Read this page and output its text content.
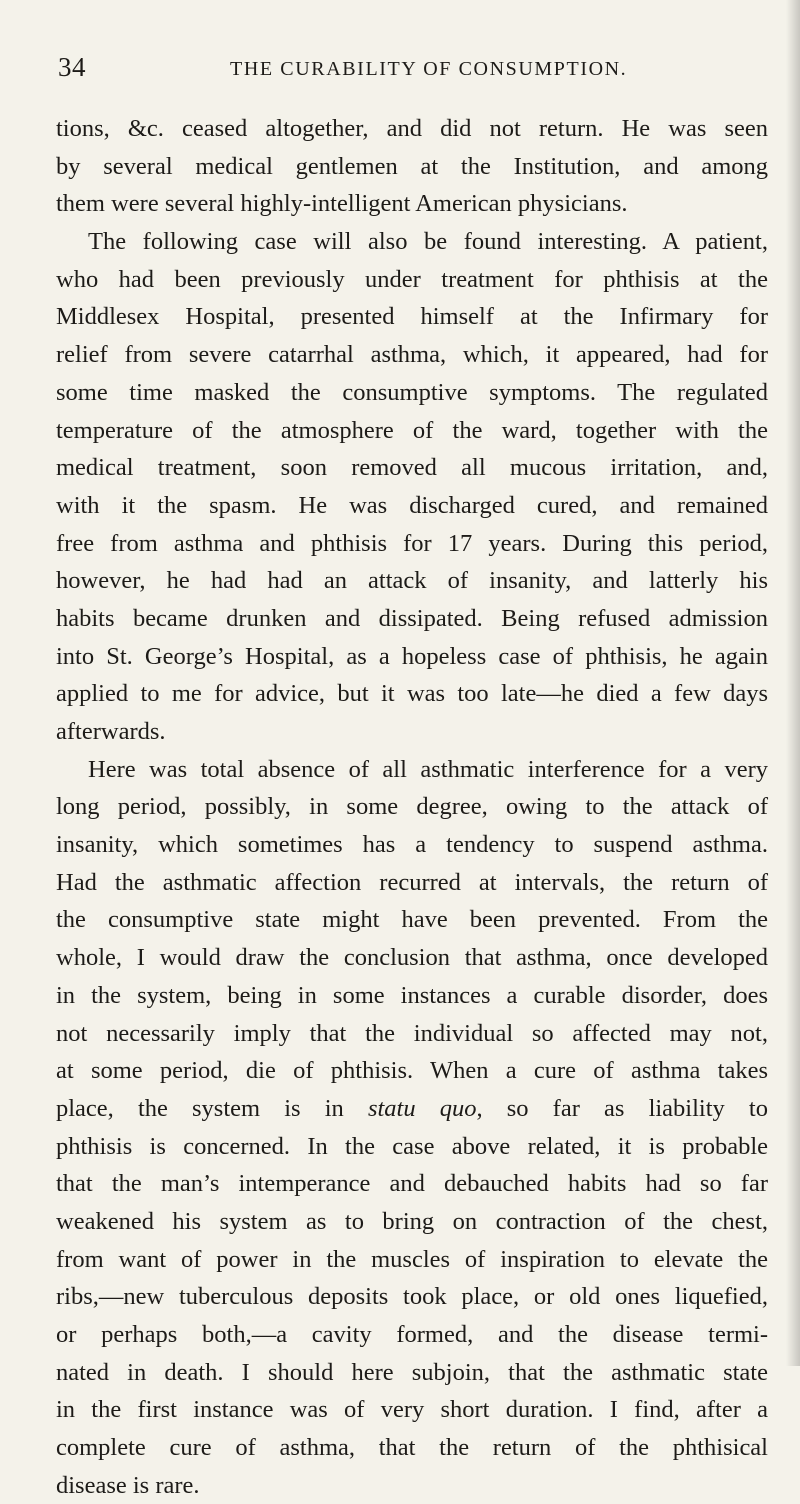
34	THE CURABILITY OF CONSUMPTION.
tions, &c. ceased altogether, and did not return. He was seen
by several medical gentlemen at the Institution, and among
them were several highly-intelligent American physicians.
The following case will also be found interesting. A patient,
who had been previously under treatment for phthisis at the
Middlesex Hospital, presented himself at the Infirmary for
relief from severe catarrhal asthma, which, it appeared, had for
some time masked the consumptive symptoms. The regulated
temperature of the atmosphere of the ward, together with the
medical treatment, soon removed all mucous irritation, and,
with it the spasm. He was discharged cured, and remained
free from asthma and phthisis for 17 years. During this period,
however, he had had an attack of insanity, and latterly his
habits became drunken and dissipated. Being refused admission
into St. George’s Hospital, as a hopeless case of phthisis, he again
applied to me for advice, but it was too late—he died a few days
afterwards.
Here was total absence of all asthmatic interference for a very
long period, possibly, in some degree, owing to the attack of
insanity, which sometimes has a tendency to suspend asthma.
Had the asthmatic affection recurred at intervals, the return of
the consumptive state might have been prevented. From the
whole, I would draw the conclusion that asthma, once developed
in the system, being in some instances a curable disorder, does
not necessarily imply that the individual so affected may not,
at some period, die of phthisis. When a cure of asthma takes
place, the system is in statu quo, so far as liability to
phthisis is concerned. In the case above related, it is probable
that the man’s intemperance and debauched habits had so far
weakened his system as to bring on contraction of the chest,
from want of power in the muscles of inspiration to elevate the
ribs,—new tuberculous deposits took place, or old ones liquefied,
or perhaps both,—a cavity formed, and the disease termi-
nated in death. I should here subjoin, that the asthmatic state
in the first instance was of very short duration. I find, after a
complete cure of asthma, that the return of the phthisical
disease is rare.
